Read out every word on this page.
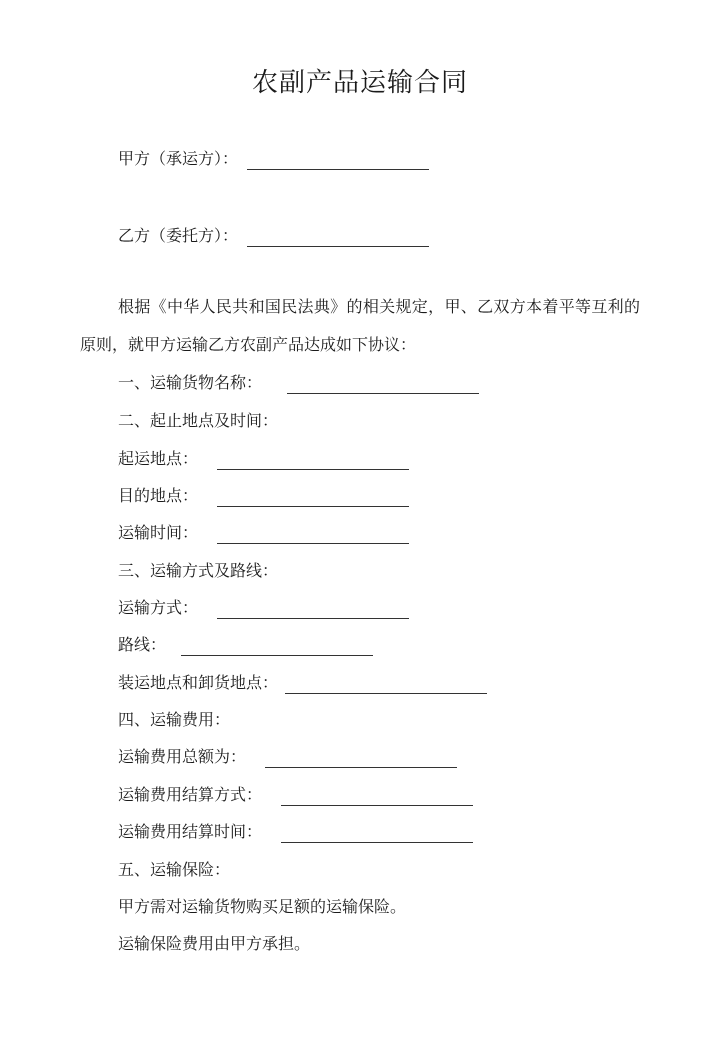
农副产品运输合同
甲方（承运方）：
乙方（委托方）：
根据《中华人民共和国民法典》的相关规定，甲、乙双方本着平等互利的原则，就甲方运输乙方农副产品达成如下协议：
一、运输货物名称：
二、起止地点及时间：
起运地点：
目的地点：
运输时间：
三、运输方式及路线：
运输方式：
路线：
装运地点和卸货地点：
四、运输费用：
运输费用总额为：
运输费用结算方式：
运输费用结算时间：
五、运输保险：
甲方需对运输货物购买足额的运输保险。
运输保险费用由甲方承担。
